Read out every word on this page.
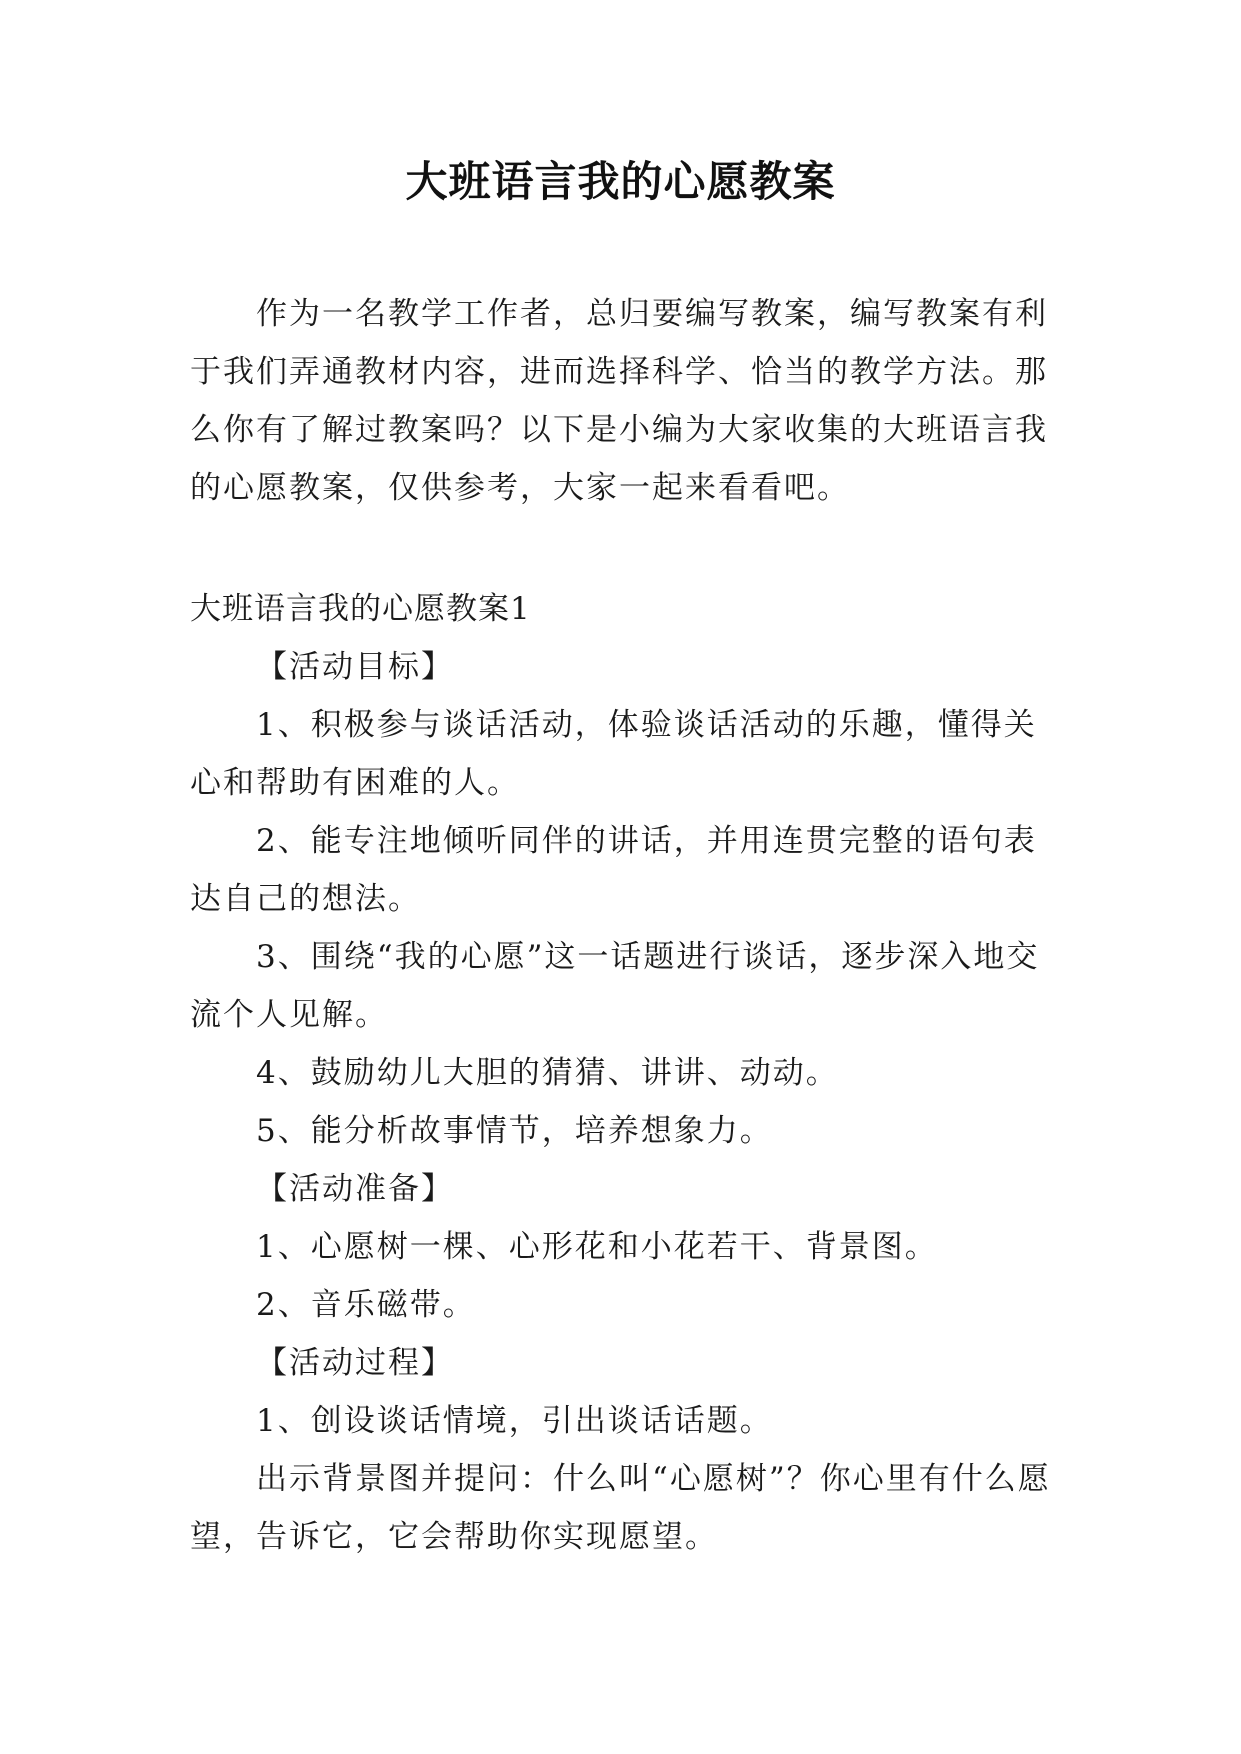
大班语言我的心愿教案

作为一名教学工作者，总归要编写教案，编写教案有利于我们弄通教材内容，进而选择科学、恰当的教学方法。那么你有了解过教案吗？以下是小编为大家收集的大班语言我的心愿教案，仅供参考，大家一起来看看吧。

大班语言我的心愿教案1

【活动目标】

1、积极参与谈话活动，体验谈话活动的乐趣，懂得关心和帮助有困难的人。

2、能专注地倾听同伴的讲话，并用连贯完整的语句表达自己的想法。

3、围绕“我的心愿”这一话题进行谈话，逐步深入地交流个人见解。

4、鼓励幼儿大胆的猜猜、讲讲、动动。

5、能分析故事情节，培养想象力。

【活动准备】

1、心愿树一棵、心形花和小花若干、背景图。

2、音乐磁带。

【活动过程】

1、创设谈话情境，引出谈话话题。

出示背景图并提问：什么叫“心愿树”？你心里有什么愿望，告诉它，它会帮助你实现愿望。
